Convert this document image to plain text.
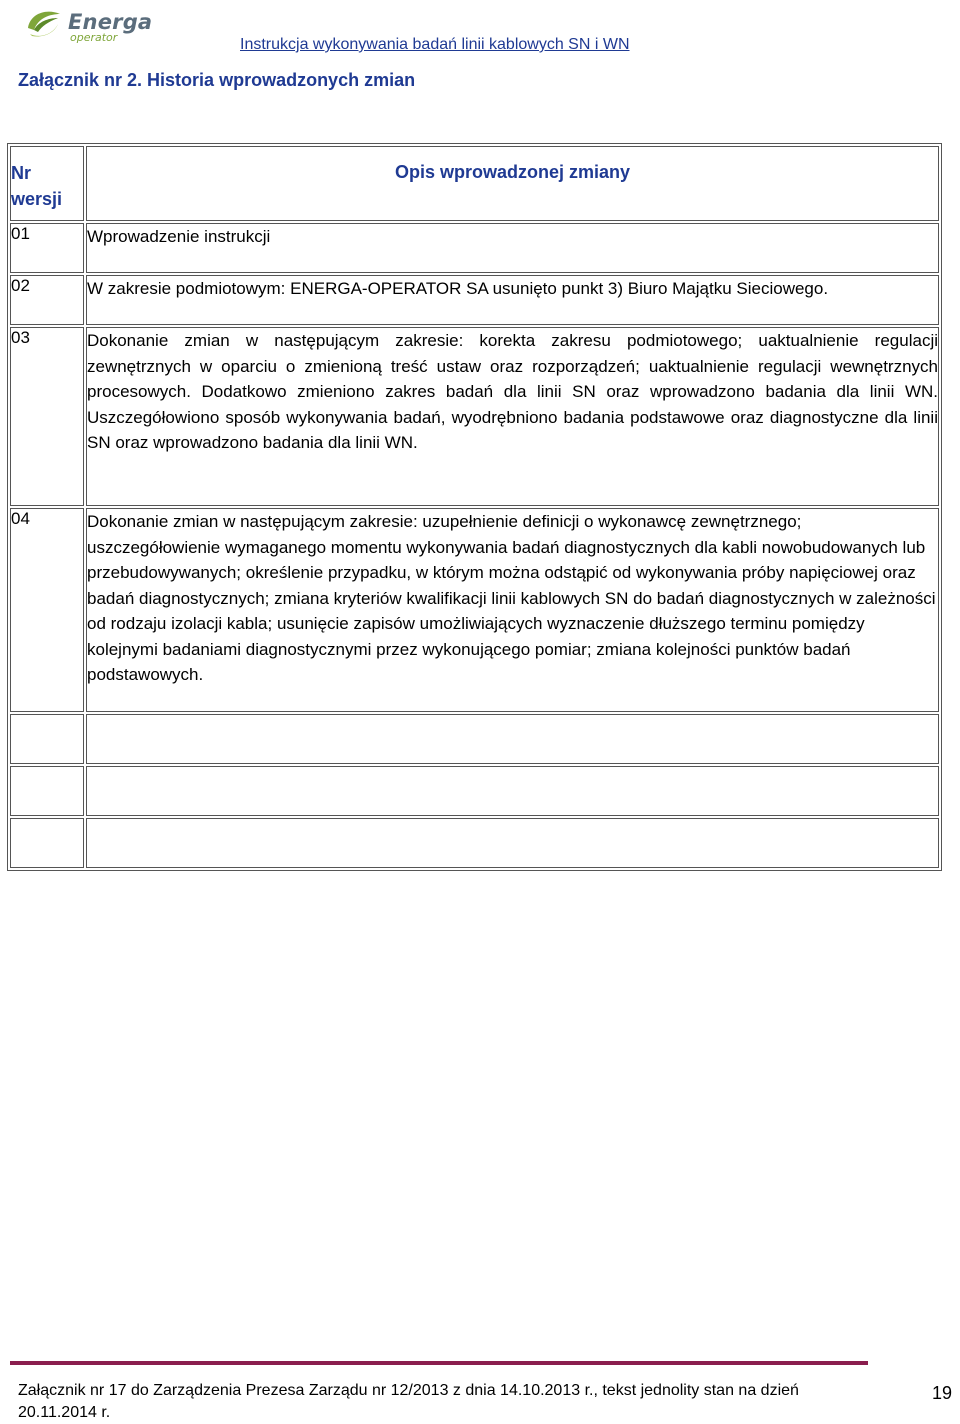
Energa
operator	Instrukcja wykonywania badań linii kablowych SN i WN
Załącznik nr 2. Historia wprowadzonych zmian
Nr wersji	Opis wprowadzonej zmiany

01	Wprowadzenie instrukcji
02	W zakresie podmiotowym: ENERGA-OPERATOR SA usunięto punkt 3) Biuro Majątku Sieciowego.
03	Dokonanie zmian w następującym zakresie: korekta zakresu podmiotowego; uaktualnienie regulacji zewnętrznych w oparciu o zmienioną treść ustaw oraz rozporządzeń; uaktualnienie regulacji wewnętrznych procesowych. Dodatkowo zmieniono zakres badań dla linii SN oraz wprowadzono badania dla linii WN. Uszczegółowiono sposób wykonywania badań, wyodrębniono badania podstawowe oraz diagnostyczne dla linii SN oraz wprowadzono badania dla linii WN.
04	Dokonanie zmian w następującym zakresie: uzupełnienie definicji o wykonawcę zewnętrznego; uszczegółowienie wymaganego momentu wykonywania badań diagnostycznych dla kabli nowobudowanych lub przebudowywanych; określenie przypadku, w którym można odstąpić od wykonywania próby napięciowej oraz badań diagnostycznych; zmiana kryteriów kwalifikacji linii kablowych SN do badań diagnostycznych w zależności od rodzaju izolacji kabla; usunięcie zapisów umożliwiających wyznaczenie dłuższego terminu pomiędzy kolejnymi badaniami diagnostycznymi przez wykonującego pomiar; zmiana kolejności punktów badań podstawowych.

Załącznik nr 17 do Zarządzenia Prezesa Zarządu nr 12/2013 z dnia 14.10.2013 r., tekst jednolity stan na dzień 20.11.2014 r.
19
